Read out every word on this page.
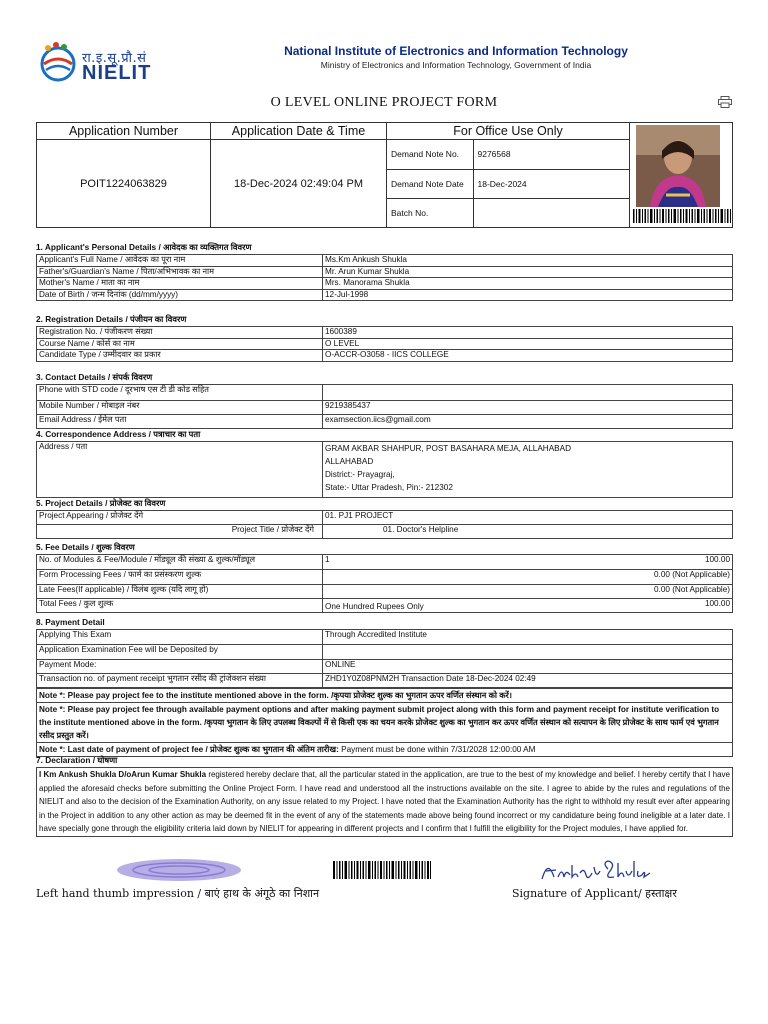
रा.इ.सू.प्रौ.सं
NIELIT
National Institute of Electronics and Information Technology
Ministry of Electronics and Information Technology, Government of India
O LEVEL ONLINE PROJECT FORM
Application Number	Application Date & Time	For Office Use Only	

POIT1224063829	18-Dec-2024 02:49:04 PM	
Demand Note No.	9276568
Demand Note Date	18-Dec-2024
Batch No.	
1. Applicant's Personal Details / आवेदक का व्यक्तिगत विवरण
Applicant's Full Name / आवेदक का पूरा नाम	Ms.Km Ankush Shukla
Father's/Guardian's Name / पिता/अभिभावक का नाम	Mr. Arun Kumar Shukla
Mother's Name / माता का नाम	Mrs. Manorama Shukla
Date of Birth / जन्म दिनांक (dd/mm/yyyy)	12-Jul-1998
2. Registration Details / पंजीयन का विवरण
Registration No. / पंजीकरण संख्या	1600389
Course Name / कोर्स का नाम	O LEVEL
Candidate Type / उम्मीदवार का प्रकार	O-ACCR-O3058 - IICS COLLEGE
3. Contact Details / संपर्क विवरण
Phone with STD code / दूरभाष एस टी डी कोड सहित	
Mobile Number / मोबाइल नंबर	9219385437
Email Address / ईमेल पता	examsection.iics@gmail.com
4. Correspondence Address / पत्राचार का पता
Address / पता	GRAM AKBAR SHAHPUR, POST BASAHARA MEJA, ALLAHABAD
ALLAHABAD
District:- Prayagraj,
State:- Uttar Pradesh, Pin:- 212302
5. Project Details / प्रोजेक्ट का विवरण
Project Appearing / प्रोजेक्ट देंगे	01. PJ1 PROJECT
Project Title / प्रोजेक्ट देंगे	01. Doctor's Helpline
5. Fee Details / शुल्क विवरण
No. of Modules & Fee/Module / मॉड्यूल की संख्या & शुल्क/मॉड्यूल	1	100.00
Form Processing Fees / फार्म का प्रसंस्करण शुल्क		0.00 (Not Applicable)
Late Fees(If applicable) / विलंब शुल्क (यदि लागू हो)		0.00 (Not Applicable)
Total Fees / कुल शुल्क	One Hundred Rupees Only	100.00
8. Payment Detail
Applying This Exam	Through Accredited Institute
Application Examination Fee will be Deposited by	
Payment Mode:	ONLINE
Transaction no. of payment receipt भुगतान रसीद की ट्रांजेक्शन संख्या	ZHD1Y0Z08PNM2H Transaction Date 18-Dec-2024 02:49
Note *: Please pay project fee to the institute mentioned above in the form. /कृपया प्रोजेक्ट शुल्क का भुगतान ऊपर वर्णित संस्थान को करें।
Note *: Please pay project fee through available payment options and after making payment submit project along with this form and payment receipt for institute verification to the institute mentioned above in the form. /कृपया भुगतान के लिए उपलब्ध विकल्पों में से किसी एक का चयन करके प्रोजेक्ट शुल्क का भुगतान कर ऊपर वर्णित संस्थान को सत्यापन के लिए प्रोजेक्ट के साथ फार्म एवं भुगतान रसीद प्रस्तुत करें।
Note *: Last date of payment of project fee / प्रोजेक्ट शुल्क का भुगतान की अंतिम तारीख: Payment must be done within 7/31/2028 12:00:00 AM
7. Declaration / घोषणा
I Km Ankush Shukla D/oArun Kumar Shukla registered hereby declare that, all the particular stated in the application, are true to the best of my knowledge and belief. I hereby certify that I have applied the aforesaid checks before submitting the Online Project Form. I have read and understood all the instructions available on the site. I agree to abide by the rules and regulations of the NIELIT and also to the decision of the Examination Authority, on any issue related to my Project. I have noted that the Examination Authority has the right to withhold my result ever after appearing in the Project in addition to any other action as may be deemed fit in the event of any of the statements made above being found incorrect or my candidature being found ineligible at a later date. I have specially gone through the eligibility criteria laid down by NIELIT for appearing in different projects and I confirm that I fulfill the eligibility for the Project modules, I have applied for.
Left hand thumb impression / बाएं हाथ के अंगूठे का निशान	Signature of Applicant/ हस्ताक्षर
